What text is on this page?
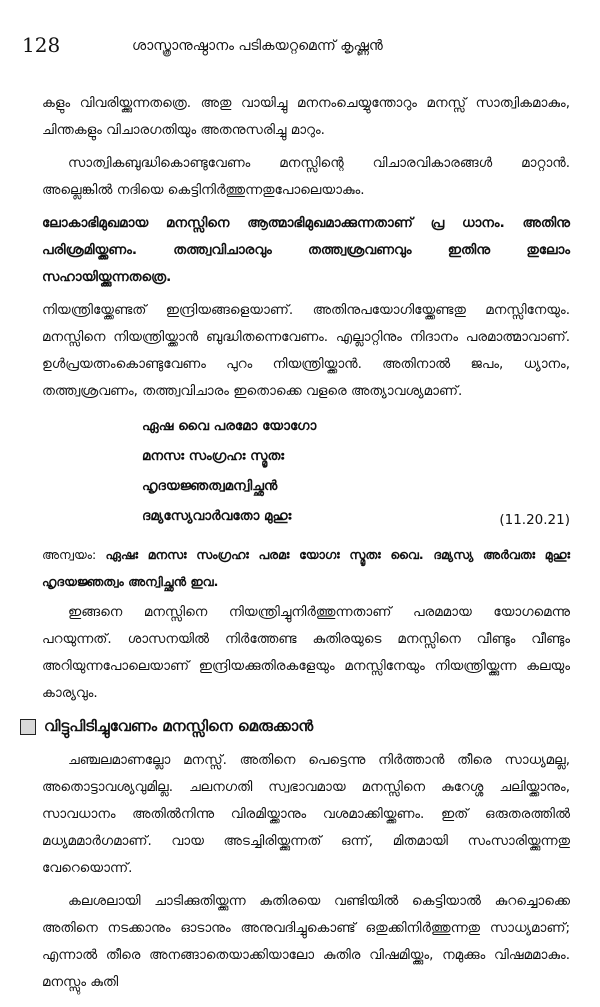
128	ശാസ്ത്രാനുഷ്ഠാനം പടികയറ്റമെന്ന് കൃഷ്ണൻ

കളും വിവരിയ്ക്കുന്നതത്രെ. അതു വായിച്ചു മനനംചെയ്യുന്തോറും മനസ്സ് സാത്വികമാകും, ചിന്തകളും വിചാരഗതിയും അതനുസരിച്ചു മാറും.

സാത്വികബുദ്ധികൊണ്ടുവേണം മനസ്സിന്റെ വിചാരവികാരങ്ങൾ മാറ്റാൻ. അല്ലെങ്കിൽ നദിയെ കെട്ടിനിർത്തുന്നതുപോലെയാകും.

ലോകാഭിമുഖമായ മനസ്സിനെ ആത്മാഭിമുഖമാക്കുന്നതാണ് പ്ര ധാനം. അതിനു പരിശ്രമിയ്ക്കണം. തത്ത്വവിചാരവും തത്ത്വശ്രവണവും ഇതിനു തുലോം സഹായിയ്ക്കുന്നതത്രെ.

നിയന്ത്രിയ്ക്കേണ്ടത് ഇന്ദ്രിയങ്ങളെയാണ്. അതിനുപയോഗിയ്ക്കേണ്ടതു മനസ്സിനേയും. മനസ്സിനെ നിയന്ത്രിയ്ക്കാൻ ബുദ്ധിതന്നെവേണം. എല്ലാറ്റിനും നിദാനം പരമാത്മാവാണ്. ഉൾപ്രയത്നംകൊണ്ടുവേണം പുറം നിയന്ത്രിയ്ക്കാൻ. അതിനാൽ ജപം, ധ്യാനം, തത്ത്വശ്രവണം, തത്ത്വവിചാരം ഇതൊക്കെ വളരെ അത്യാവശ്യമാണ്.

ഏഷ വൈ പരമോ യോഗോ
മനസഃ സംഗ്രഹഃ സ്മൃതഃ
ഹൃദയജ്ഞത്വമന്വിച്ഛൻ
ദമ്യസ്യേവാർവതോ മുഹുഃ	(11.20.21)

അന്വയം: ഏഷഃ മനസഃ സംഗ്രഹഃ പരമഃ യോഗഃ സ്മൃതഃ വൈ. ദമ്യസ്യ അർവതഃ മുഹുഃ ഹൃദയജ്ഞത്വം അന്വിച്ഛൻ ഇവ.

ഇങ്ങനെ മനസ്സിനെ നിയന്ത്രിച്ചുനിർത്തുന്നതാണ് പരമമായ യോഗമെന്നു പറയുന്നത്. ശാസനയിൽ നിർത്തേണ്ട കുതിരയുടെ മനസ്സിനെ വീണ്ടും വീണ്ടും അറിയുന്നപോലെയാണ് ഇന്ദ്രിയക്കുതിരകളേയും മനസ്സിനേയും നിയന്ത്രിയ്ക്കുന്ന കലയും കാര്യവും.

വിട്ടുപിടിച്ചുവേണം മനസ്സിനെ മെരുക്കാൻ

ചഞ്ചലമാണല്ലോ മനസ്സ്. അതിനെ പെട്ടെന്നു നിർത്താൻ തീരെ സാധ്യമല്ല, അതൊട്ടാവശ്യവുമില്ല. ചലനഗതി സ്വഭാവമായ മനസ്സിനെ കുറേശ്ശ ചലിയ്ക്കാനും, സാവധാനം അതിൽനിന്നു വിരമിയ്ക്കാനും വശമാക്കിയ്ക്കണം. ഇത് ഒരുതരത്തിൽ മധ്യമമാർഗമാണ്. വായ അടച്ചിരിയ്ക്കുന്നത് ഒന്ന്, മിതമായി സംസാരിയ്ക്കുന്നതു വേറെയൊന്ന്.

കലശലായി ചാടിക്കുതിയ്ക്കുന്ന കുതിരയെ വണ്ടിയിൽ കെട്ടിയാൽ കുറച്ചൊക്കെ അതിനെ നടക്കാനും ഓടാനും അനുവദിച്ചുകൊണ്ട് ഒതുക്കിനിർത്തുന്നതു സാധ്യമാണ്; എന്നാൽ തീരെ അനങ്ങാതെയാക്കിയാലോ കുതിര വിഷമിയ്ക്കും, നമുക്കും വിഷമമാകും. മനസ്സും കുതി
